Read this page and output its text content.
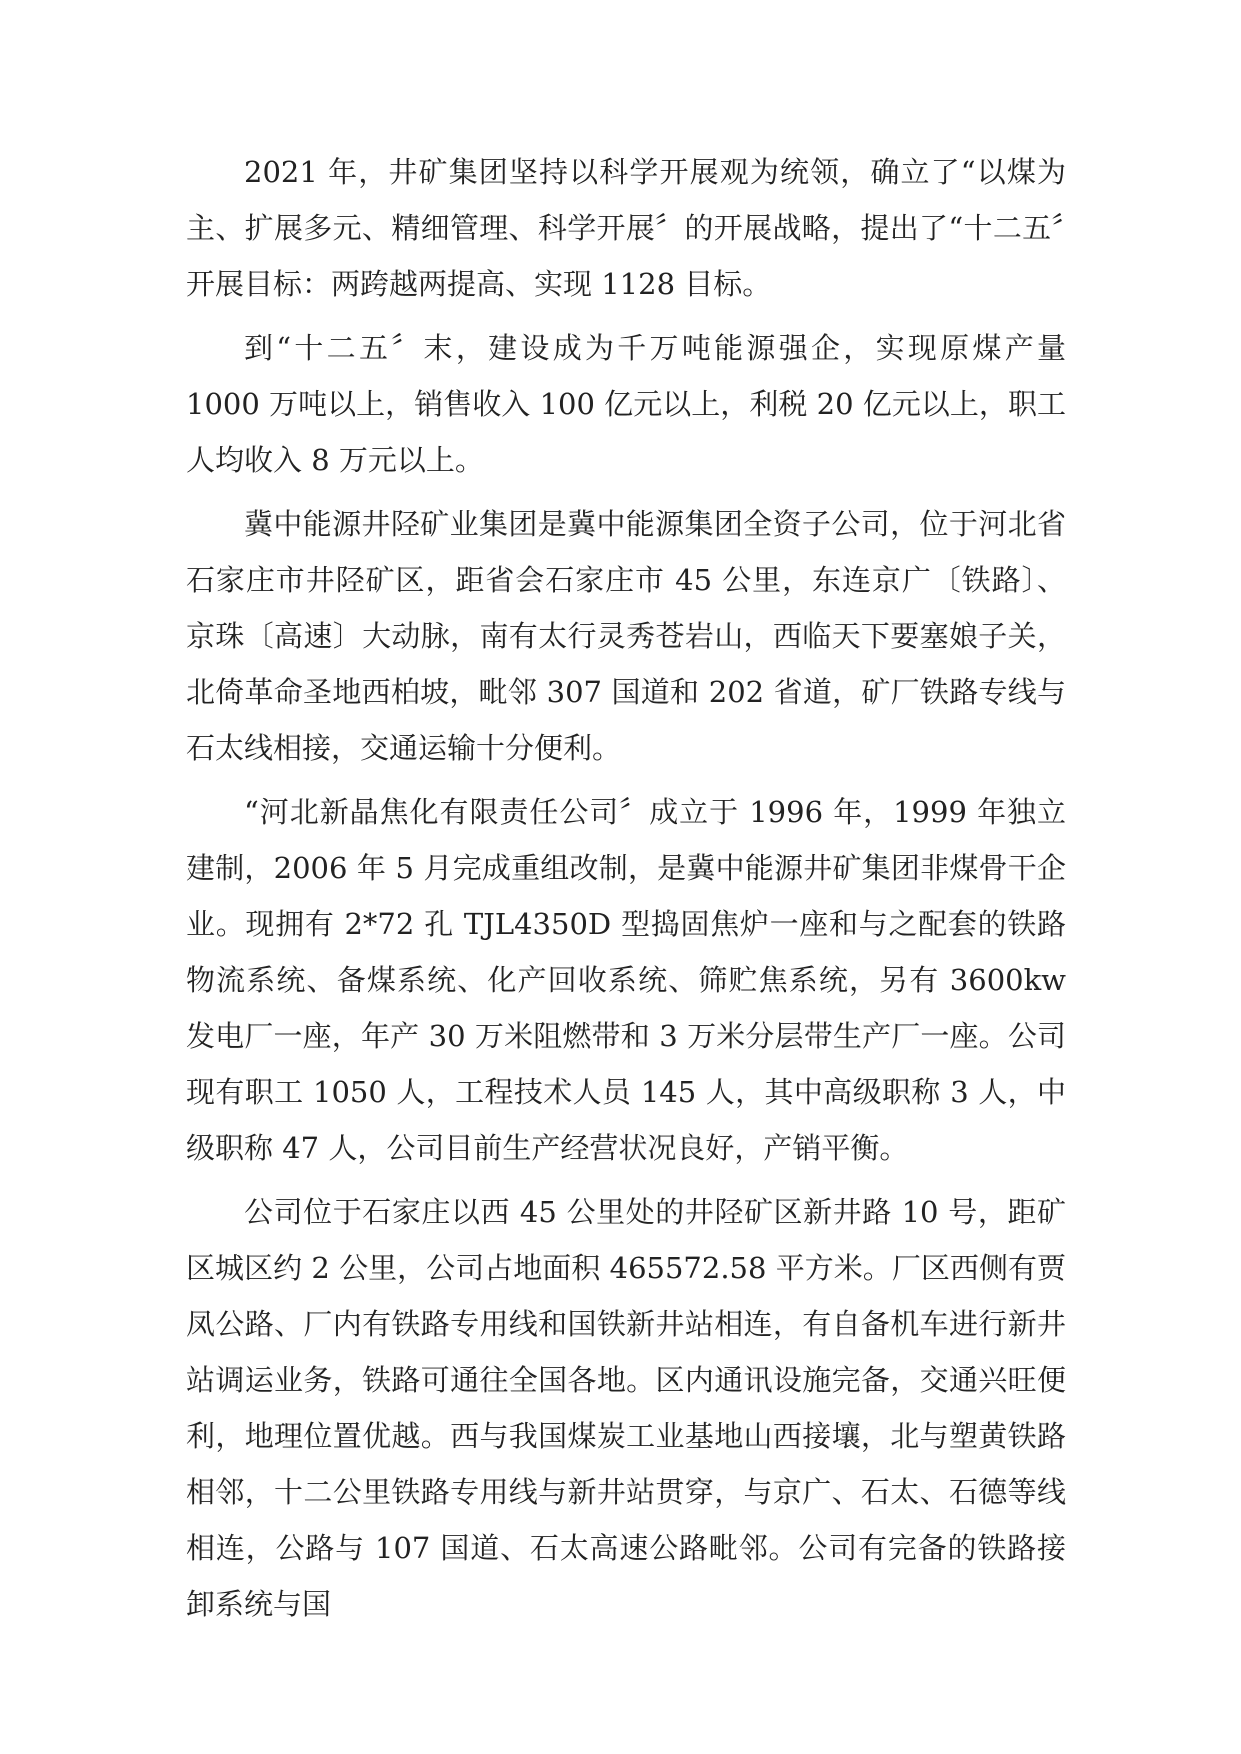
2021 年，井矿集团坚持以科学开展观为统领，确立了“以煤为主、扩展多元、精细管理、科学开展〞的开展战略，提出了“十二五〞开展目标：两跨越两提高、实现 1128 目标。

到“十二五〞末，建设成为千万吨能源强企，实现原煤产量 1000 万吨以上，销售收入 100 亿元以上，利税 20 亿元以上，职工人均收入 8 万元以上。

冀中能源井陉矿业集团是冀中能源集团全资子公司，位于河北省石家庄市井陉矿区，距省会石家庄市 45 公里，东连京广〔铁路〕、京珠〔高速〕大动脉，南有太行灵秀苍岩山，西临天下要塞娘子关，北倚革命圣地西柏坡，毗邻 307 国道和 202 省道，矿厂铁路专线与石太线相接，交通运输十分便利。

“河北新晶焦化有限责任公司〞成立于 1996 年，1999 年独立建制，2006 年 5 月完成重组改制，是冀中能源井矿集团非煤骨干企业。现拥有 2*72 孔 TJL4350D 型捣固焦炉一座和与之配套的铁路物流系统、备煤系统、化产回收系统、筛贮焦系统，另有 3600kw 发电厂一座，年产 30 万米阻燃带和 3 万米分层带生产厂一座。公司现有职工 1050 人，工程技术人员 145 人，其中高级职称 3 人，中级职称 47 人，公司目前生产经营状况良好，产销平衡。

公司位于石家庄以西 45 公里处的井陉矿区新井路 10 号，距矿区城区约 2 公里，公司占地面积 465572.58 平方米。厂区西侧有贾凤公路、厂内有铁路专用线和国铁新井站相连，有自备机车进行新井站调运业务，铁路可通往全国各地。区内通讯设施完备，交通兴旺便利，地理位置优越。西与我国煤炭工业基地山西接壤，北与塑黄铁路相邻，十二公里铁路专用线与新井站贯穿，与京广、石太、石德等线相连，公路与 107 国道、石太高速公路毗邻。公司有完备的铁路接卸系统与国
